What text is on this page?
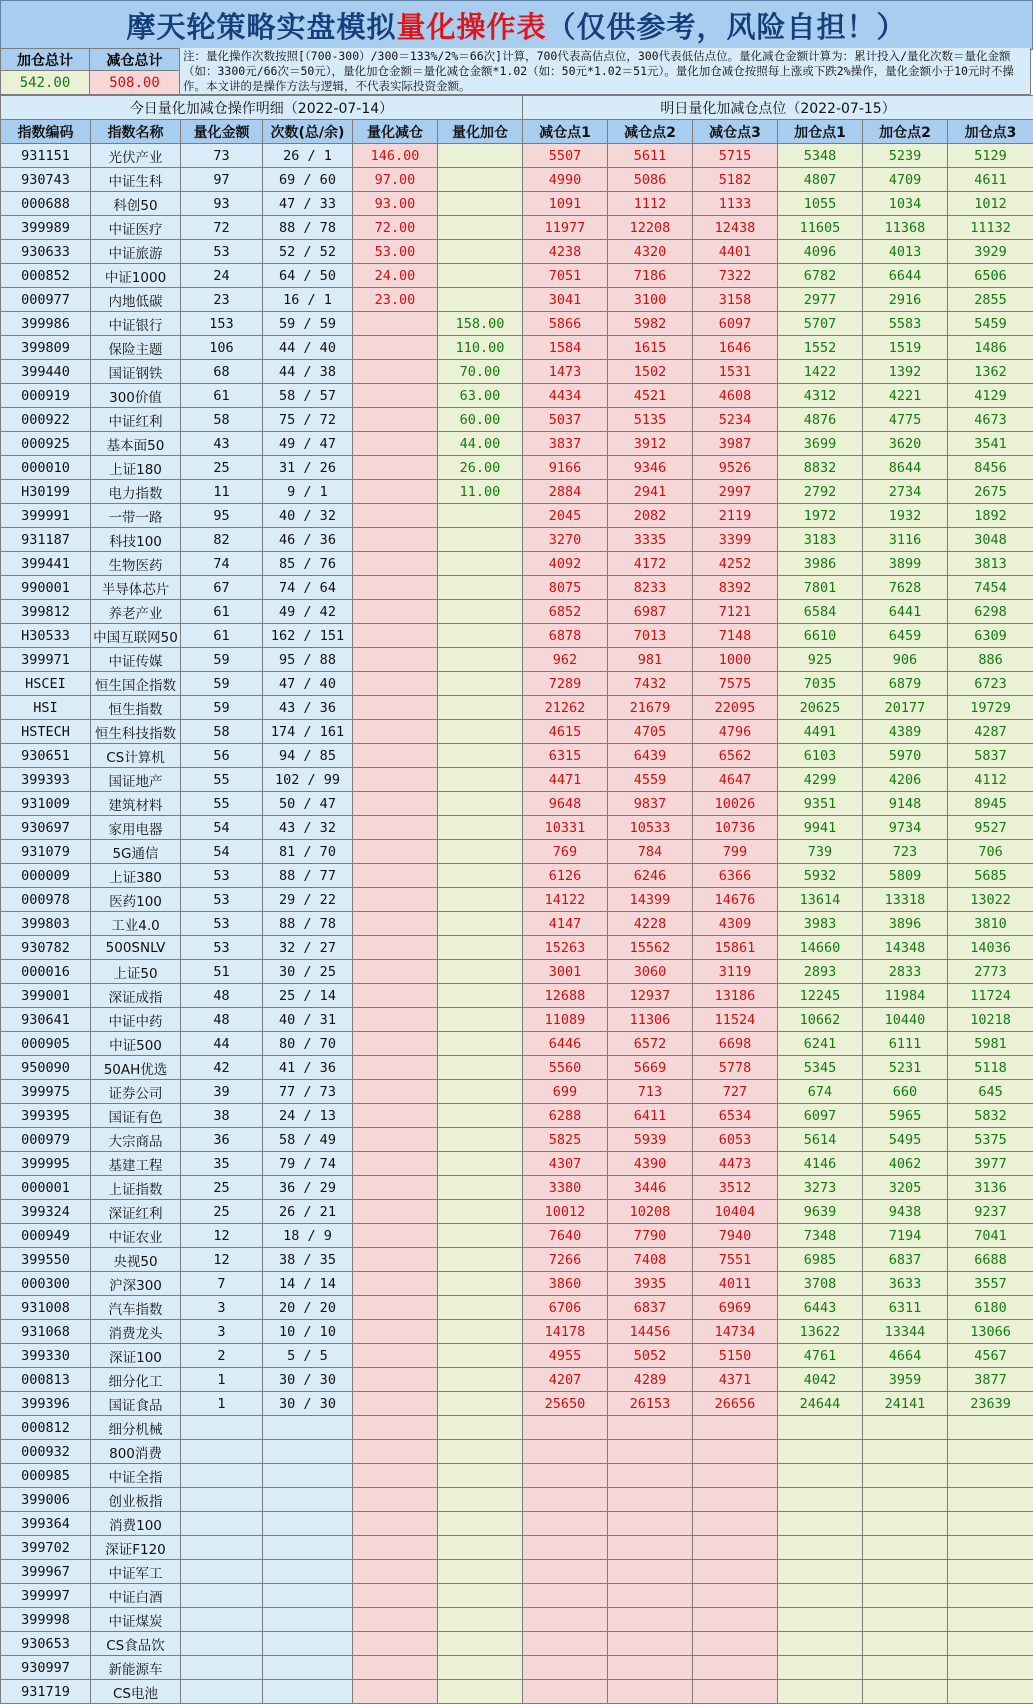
摩天轮策略实盘模拟 量化操作表 （仅供参考，风险自担！）
加仓总计	减仓总计
542.00	508.00
注：量化操作次数按照[（700-300）/300＝133%/2%＝66次]计算，700代表高估点位，300代表低估点位。量化减仓金额计算为：累计投入/量化次数＝量化金额（如：3300元/66次＝50元），量化加仓金额＝量化减仓金额*1.02（如：50元*1.02＝51元）。量化加仓减仓按照每上涨或下跌2%操作，量化金额小于10元时不操作。本文讲的是操作方法与逻辑，不代表实际投资金额。
今日量化加减仓操作明细（2022-07-14）						明日量化加减仓点位（2022-07-15）					
指数编码	指数名称	量化金额	次数(总/余)	量化减仓	量化加仓	减仓点1	减仓点2	减仓点3	加仓点1	加仓点2	加仓点3
931151	光伏产业	73	26 / 1	146.00		5507	5611	5715	5348	5239	5129
930743	中证生科	97	69 / 60	97.00		4990	5086	5182	4807	4709	4611
000688	科创50	93	47 / 33	93.00		1091	1112	1133	1055	1034	1012
399989	中证医疗	72	88 / 78	72.00		11977	12208	12438	11605	11368	11132
930633	中证旅游	53	52 / 52	53.00		4238	4320	4401	4096	4013	3929
000852	中证1000	24	64 / 50	24.00		7051	7186	7322	6782	6644	6506
000977	内地低碳	23	16 / 1	23.00		3041	3100	3158	2977	2916	2855
399986	中证银行	153	59 / 59		158.00	5866	5982	6097	5707	5583	5459
399809	保险主题	106	44 / 40		110.00	1584	1615	1646	1552	1519	1486
399440	国证钢铁	68	44 / 38		70.00	1473	1502	1531	1422	1392	1362
000919	300价值	61	58 / 57		63.00	4434	4521	4608	4312	4221	4129
000922	中证红利	58	75 / 72		60.00	5037	5135	5234	4876	4775	4673
000925	基本面50	43	49 / 47		44.00	3837	3912	3987	3699	3620	3541
000010	上证180	25	31 / 26		26.00	9166	9346	9526	8832	8644	8456
H30199	电力指数	11	9 / 1		11.00	2884	2941	2997	2792	2734	2675
399991	一带一路	95	40 / 32			2045	2082	2119	1972	1932	1892
931187	科技100	82	46 / 36			3270	3335	3399	3183	3116	3048
399441	生物医药	74	85 / 76			4092	4172	4252	3986	3899	3813
990001	半导体芯片	67	74 / 64			8075	8233	8392	7801	7628	7454
399812	养老产业	61	49 / 42			6852	6987	7121	6584	6441	6298
H30533	中国互联网50	61	162 / 151			6878	7013	7148	6610	6459	6309
399971	中证传媒	59	95 / 88			962	981	1000	925	906	886
HSCEI	恒生国企指数	59	47 / 40			7289	7432	7575	7035	6879	6723
HSI	恒生指数	59	43 / 36			21262	21679	22095	20625	20177	19729
HSTECH	恒生科技指数	58	174 / 161			4615	4705	4796	4491	4389	4287
930651	CS计算机	56	94 / 85			6315	6439	6562	6103	5970	5837
399393	国证地产	55	102 / 99			4471	4559	4647	4299	4206	4112
931009	建筑材料	55	50 / 47			9648	9837	10026	9351	9148	8945
930697	家用电器	54	43 / 32			10331	10533	10736	9941	9734	9527
931079	5G通信	54	81 / 70			769	784	799	739	723	706
000009	上证380	53	88 / 77			6126	6246	6366	5932	5809	5685
000978	医药100	53	29 / 22			14122	14399	14676	13614	13318	13022
399803	工业4.0	53	88 / 78			4147	4228	4309	3983	3896	3810
930782	500SNLV	53	32 / 27			15263	15562	15861	14660	14348	14036
000016	上证50	51	30 / 25			3001	3060	3119	2893	2833	2773
399001	深证成指	48	25 / 14			12688	12937	13186	12245	11984	11724
930641	中证中药	48	40 / 31			11089	11306	11524	10662	10440	10218
000905	中证500	44	80 / 70			6446	6572	6698	6241	6111	5981
950090	50AH优选	42	41 / 36			5560	5669	5778	5345	5231	5118
399975	证券公司	39	77 / 73			699	713	727	674	660	645
399395	国证有色	38	24 / 13			6288	6411	6534	6097	5965	5832
000979	大宗商品	36	58 / 49			5825	5939	6053	5614	5495	5375
399995	基建工程	35	79 / 74			4307	4390	4473	4146	4062	3977
000001	上证指数	25	36 / 29			3380	3446	3512	3273	3205	3136
399324	深证红利	25	26 / 21			10012	10208	10404	9639	9438	9237
000949	中证农业	12	18 / 9			7640	7790	7940	7348	7194	7041
399550	央视50	12	38 / 35			7266	7408	7551	6985	6837	6688
000300	沪深300	7	14 / 14			3860	3935	4011	3708	3633	3557
931008	汽车指数	3	20 / 20			6706	6837	6969	6443	6311	6180
931068	消费龙头	3	10 / 10			14178	14456	14734	13622	13344	13066
399330	深证100	2	5 / 5			4955	5052	5150	4761	4664	4567
000813	细分化工	1	30 / 30			4207	4289	4371	4042	3959	3877
399396	国证食品	1	30 / 30			25650	26153	26656	24644	24141	23639
000812	细分机械										
000932	800消费										
000985	中证全指										
399006	创业板指										
399364	消费100										
399702	深证F120										
399967	中证军工										
399997	中证白酒										
399998	中证煤炭										
930653	CS食品饮										
930997	新能源车										
931719	CS电池										
